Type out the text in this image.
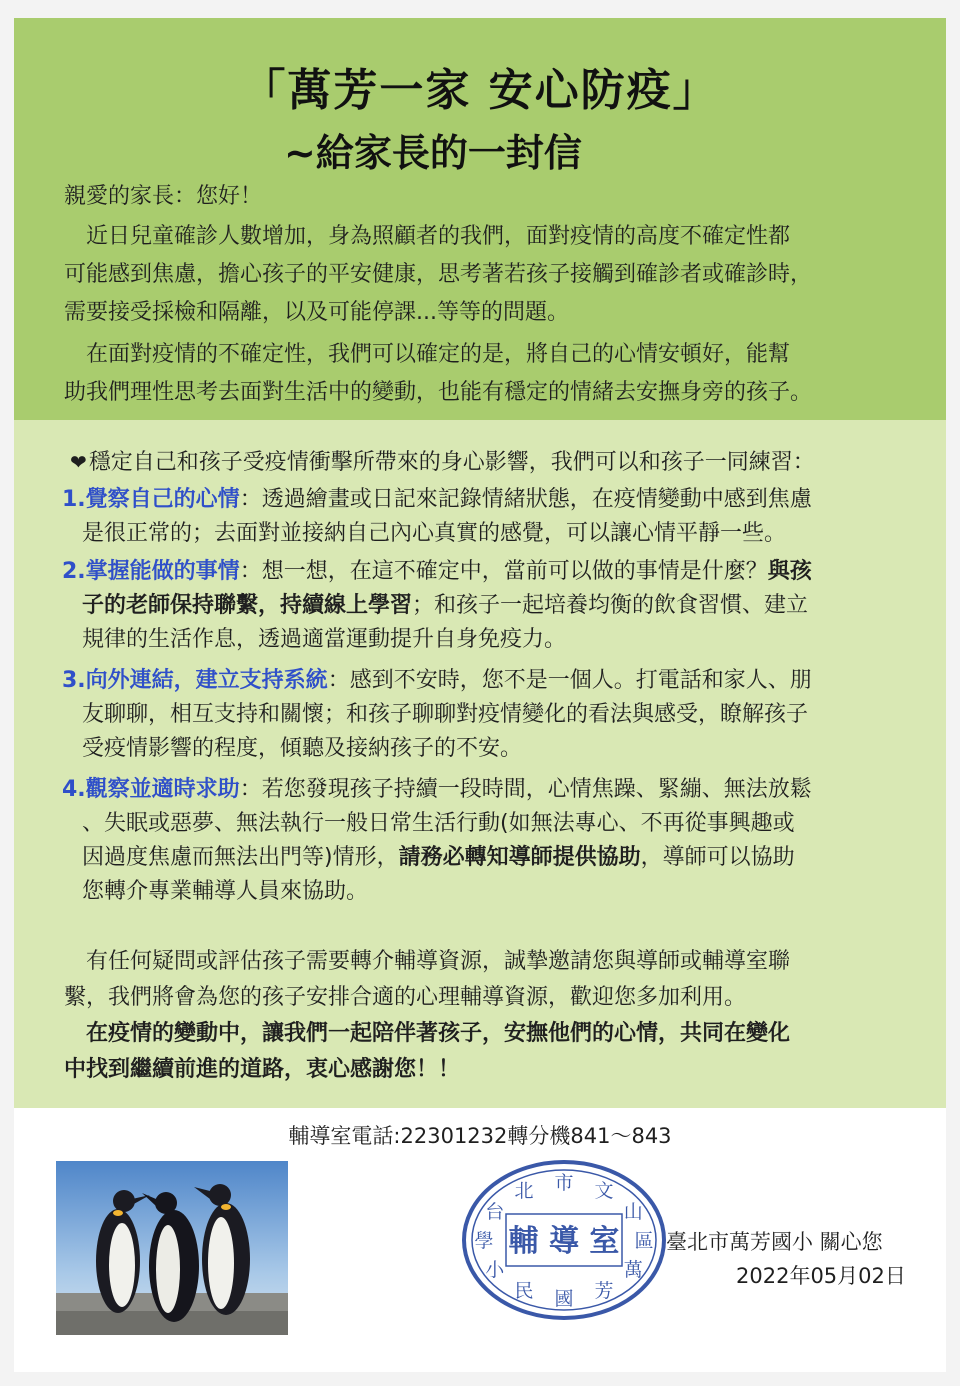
「萬芳一家 安心防疫」
~給家長的一封信
親愛的家長：您好！
　近日兒童確診人數增加，身為照顧者的我們，面對疫情的高度不確定性都
可能感到焦慮，擔心孩子的平安健康，思考著若孩子接觸到確診者或確診時，
需要接受採檢和隔離，以及可能停課...等等的問題。
　在面對疫情的不確定性，我們可以確定的是，將自己的心情安頓好，能幫
助我們理性思考去面對生活中的變動，也能有穩定的情緒去安撫身旁的孩子。
❤穩定自己和孩子受疫情衝擊所帶來的身心影響，我們可以和孩子一同練習：
1.覺察自己的心情：透過繪畫或日記來記錄情緒狀態，在疫情變動中感到焦慮
是很正常的；去面對並接納自己內心真實的感覺，可以讓心情平靜一些。
2.掌握能做的事情：想一想，在這不確定中，當前可以做的事情是什麼？與孩
子的老師保持聯繫，持續線上學習；和孩子一起培養均衡的飲食習慣、建立
規律的生活作息，透過適當運動提升自身免疫力。
3.向外連結，建立支持系統：感到不安時，您不是一個人。打電話和家人、朋
友聊聊，相互支持和關懷；和孩子聊聊對疫情變化的看法與感受，瞭解孩子
受疫情影響的程度，傾聽及接納孩子的不安。
4.觀察並適時求助：若您發現孩子持續一段時間，心情焦躁、緊繃、無法放鬆
、失眠或惡夢、無法執行一般日常生活行動(如無法專心、不再從事興趣或
因過度焦慮而無法出門等)情形，請務必轉知導師提供協助，導師可以協助
您轉介專業輔導人員來協助。
　有任何疑問或評估孩子需要轉介輔導資源，誠摯邀請您與導師或輔導室聯
繫，我們將會為您的孩子安排合適的心理輔導資源，歡迎您多加利用。
　在疫情的變動中，讓我們一起陪伴著孩子，安撫他們的心情，共同在變化
中找到繼續前進的道路，衷心感謝您！！
輔導室電話:22301232轉分機841～843
台
北 市 文
山
區
萬
芳
國
民
小
學 輔 導 室 臺北市萬芳國小 關心您
2022年05月02日
